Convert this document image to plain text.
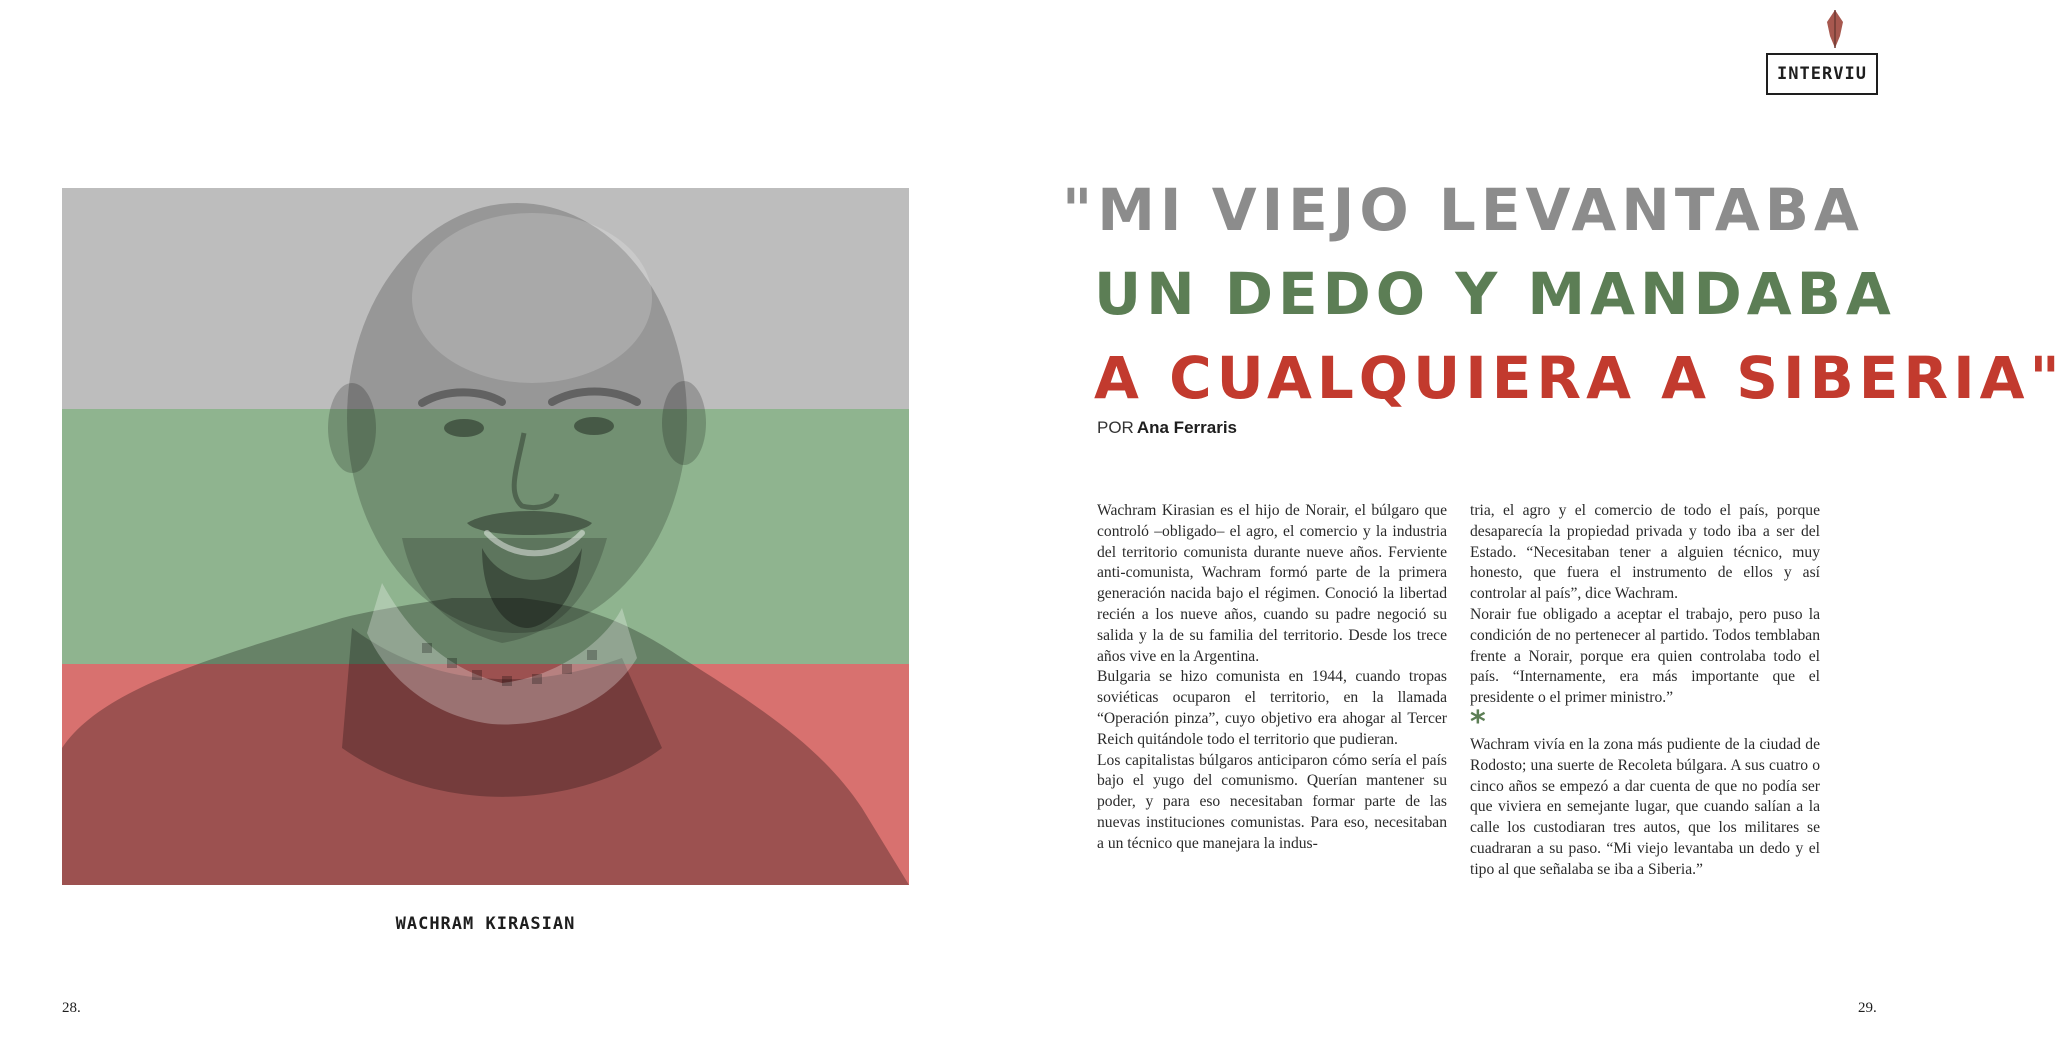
INTERVIU
WACHRAM KIRASIAN
"MI VIEJO LEVANTABA
UN DEDO Y MANDABA
A CUALQUIERA A SIBERIA"
POR Ana Ferraris

Wachram Kirasian es el hijo de Norair, el búlgaro que controló –obligado– el agro, el comercio y la industria del territorio comunista durante nueve años. Ferviente anti-comunista, Wachram formó parte de la primera generación nacida bajo el régimen. Conoció la libertad recién a los nueve años, cuando su padre negoció su salida y la de su familia del territorio. Desde los trece años vive en la Argentina.

Bulgaria se hizo comunista en 1944, cuando tropas soviéticas ocuparon el territorio, en la llamada “Operación pinza”, cuyo objetivo era ahogar al Tercer Reich quitándole todo el territorio que pudieran.

Los capitalistas búlgaros anticiparon cómo sería el país bajo el yugo del comunismo. Querían mantener su poder, y para eso necesitaban formar parte de las nuevas instituciones comunistas. Para eso, necesitaban a un técnico que manejara la indus-

tria, el agro y el comercio de todo el país, porque desaparecía la propiedad privada y todo iba a ser del Estado. “Necesitaban tener a alguien técnico, muy honesto, que fuera el instrumento de ellos y así controlar al país”, dice Wachram.

Norair fue obligado a aceptar el trabajo, pero puso la condición de no pertenecer al partido. Todos temblaban frente a Norair, porque era quien controlaba todo el país. “Internamente, era más importante que el presidente o el primer ministro.”

*

Wachram vivía en la zona más pudiente de la ciudad de Rodosto; una suerte de Recoleta búlgara. A sus cuatro o cinco años se empezó a dar cuenta de que no podía ser que viviera en semejante lugar, que cuando salían a la calle los custodiaran tres autos, que los militares se cuadraran a su paso. “Mi viejo levantaba un dedo y el tipo al que señalaba se iba a Siberia.”

28.	29.
